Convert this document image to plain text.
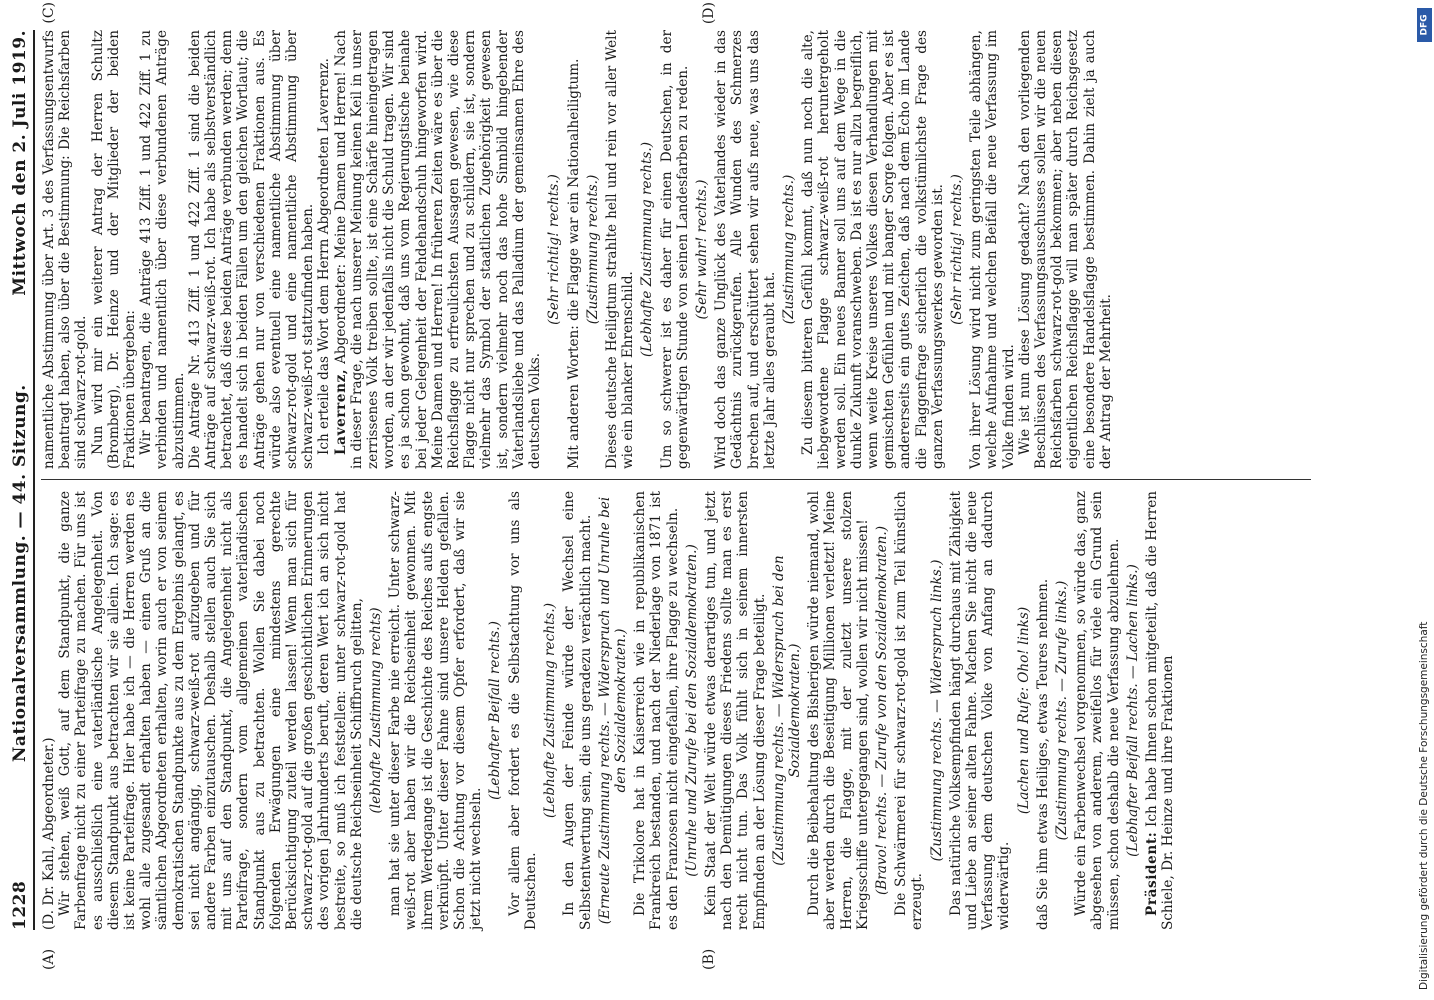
1228
Nationalversammlung. — 44. Sitzung.
Mittwoch den 2. Juli 1919.
(A)	(B)
(C)	(D)

(D. Dr. Kahl, Abgeordneter.) Wir stehen, weiß Gott, auf dem Standpunkt, die ganze Farbenfrage nicht zu einer Parteifrage zu machen. Für uns ist es ausschließlich eine vaterländische Angelegenheit. Von diesem Standpunkt aus betrachten wir sie allein. Ich sage: es ist keine Parteifrage. Hier habe ich — die Herren werden es wohl alle zugesandt erhalten haben — einen Gruß an die sämtlichen Abgeordneten erhalten, worin auch er von seinem demokratischen Standpunkte aus zu dem Ergebnis gelangt, es sei nicht angängig, schwarz-weiß-rot aufzugeben und für andere Farben einzutauschen. Deshalb stellen auch Sie sich mit uns auf den Standpunkt, die Angelegenheit nicht als Parteifrage, sondern vom allgemeinen vaterländischen Standpunkt aus zu betrachten. Wollen Sie dabei noch folgenden Erwägungen eine mindestens gerechte Berücksichtigung zuteil werden lassen! Wenn man sich für schwarz-rot-gold auf die großen geschichtlichen Erinnerungen des vorigen Jahrhunderts beruft, deren Wert ich an sich nicht bestreite, so muß ich feststellen: unter schwarz-rot-gold hat die deutsche Reichseinheit Schiffbruch gelitten, (lebhafte Zustimmung rechts) man hat sie unter dieser Farbe nie erreicht. Unter schwarz-weiß-rot aber haben wir die Reichseinheit gewonnen. Mit ihrem Werdegange ist die Geschichte des Reiches aufs engste verknüpft. Unter dieser Fahne sind unsere Helden gefallen. Schon die Achtung vor diesem Opfer erfordert, daß wir sie jetzt nicht wechseln.

(Lebhafter Beifall rechts.) Vor allem aber fordert es die Selbstachtung vor uns als Deutschen.

(Lebhafte Zustimmung rechts.) In den Augen der Feinde würde der Wechsel eine Selbstentwertung sein, die uns geradezu verächtlich macht. (Erneute Zustimmung rechts. — Widerspruch und Unruhe bei den Sozialdemokraten.) Die Trikolore hat in Kaiserreich wie in republikanischen Frankreich bestanden, und nach der Niederlage von 1871 ist es den Franzosen nicht eingefallen, ihre Flagge zu wechseln. (Unruhe und Zurufe bei den Sozialdemokraten.) Kein Staat der Welt würde etwas derartiges tun, und jetzt nach den Demütigungen dieses Friedens sollte man es erst recht nicht tun. Das Volk fühlt sich in seinem innersten Empfinden an der Lösung dieser Frage beteiligt. (Zustimmung rechts. — Widerspruch bei den Sozialdemokraten.) Durch die Beibehaltung des Bisherigen würde niemand, wohl aber werden durch die Beseitigung Millionen verletzt! Meine Herren, die Flagge, mit der zuletzt unsere stolzen Kriegsschiffe untergegangen sind, wollen wir nicht missen! (Bravo! rechts. — Zurufe von den Sozialdemokraten.) Die Schwärmerei für schwarz-rot-gold ist zum Teil künstlich erzeugt.

(Zustimmung rechts. — Widerspruch links.) Das natürliche Volksempfinden hängt durchaus mit Zähigkeit und Liebe an seiner alten Fahne. Machen Sie nicht die neue Verfassung dem deutschen Volke von Anfang an dadurch widerwärtig.

(Lachen und Rufe: Oho! links) daß Sie ihm etwas Heiliges, etwas Teures nehmen. (Zustimmung rechts. — Zurufe links.) Würde ein Farbenwechsel vorgenommen, so würde das, ganz abgesehen von anderem, zweifellos für viele ein Grund sein müssen, schon deshalb die neue Verfassung abzulehnen. (Lebhafter Beifall rechts. — Lachen links.)

Präsident: Ich habe Ihnen schon mitgeteilt, daß die Herren Schiele, Dr. Heinze und ihre Fraktionen

namentliche Abstimmung über Art. 3 des Verfassungsentwurfs beantragt haben, also über die Bestimmung: Die Reichsfarben sind schwarz-rot-gold. Nun wird mir ein weiterer Antrag der Herren Schultz (Bromberg), Dr. Heinze und der Mitglieder der beiden Fraktionen übergeben: Wir beantragen, die Anträge 413 Ziff. 1 und 422 Ziff. 1 zu verbinden und namentlich über diese verbundenen Anträge abzustimmen. Die Anträge Nr. 413 Ziff. 1 und 422 Ziff. 1 sind die beiden Anträge auf schwarz-weiß-rot. Ich habe als selbstverständlich betrachtet, daß diese beiden Anträge verbunden werden; denn es handelt sich in beiden Fällen um den gleichen Wortlaut; die Anträge gehen nur von verschiedenen Fraktionen aus. Es würde also eventuell eine namentliche Abstimmung über schwarz-rot-gold und eine namentliche Abstimmung über schwarz-weiß-rot stattzufinden haben. Ich erteile das Wort dem Herrn Abgeordneten Laverrenz. Laverrenz, Abgeordneter: Meine Damen und Herren! Nach in dieser Frage, die nach unserer Meinung keinen Keil in unser zerrissenes Volk treiben sollte, ist eine Schärfe hineingetragen worden, an der wir jedenfalls nicht die Schuld tragen. Wir sind es ja schon gewohnt, daß uns vom Regierungstische beinahe bei jeder Gelegenheit der Fehdehandschuh hingeworfen wird. Meine Damen und Herren! In früheren Zeiten wäre es über die Reichsflagge zu erfreulichsten Aussagen gewesen, wie diese Flagge nicht nur sprechen und zu schildern, sie ist, sondern vielmehr das Symbol der staatlichen Zugehörigkeit gewesen ist, sondern vielmehr noch das hohe Sinnbild hingebender Vaterlandsliebe und das Palladium der gemeinsamen Ehre des deutschen Volks.

(Sehr richtig! rechts.) Mit anderen Worten: die Flagge war ein Nationalheiligtum. (Zustimmung rechts.) Dieses deutsche Heiligtum strahlte hell und rein vor aller Welt wie ein blanker Ehrenschild.

(Lebhafte Zustimmung rechts.) Um so schwerer ist es daher für einen Deutschen, in der gegenwärtigen Stunde von seinen Landesfarben zu reden. (Sehr wahr! rechts.) Wird doch das ganze Unglück des Vaterlandes wieder in das Gedächtnis zurückgerufen. Alle Wunden des Schmerzes brechen auf, und erschüttert sehen wir aufs neue, was uns das letzte Jahr alles geraubt hat.

(Zustimmung rechts.) Zu diesem bitteren Gefühl kommt, daß nun noch die alte, liebgewordene Flagge schwarz-weiß-rot heruntergeholt werden soll. Ein neues Banner soll uns auf dem Wege in die dunkle Zukunft voranschweben. Da ist es nur allzu begreiflich, wenn weite Kreise unseres Volkes diesen Verhandlungen mit gemischten Gefühlen und mit banger Sorge folgen. Aber es ist andererseits ein gutes Zeichen, daß nach dem Echo im Lande die Flaggenfrage sicherlich die volkstümlichste Frage des ganzen Verfassungswerkes geworden ist. (Sehr richtig! rechts.) Von ihrer Lösung wird nicht zum geringsten Teile abhängen, welche Aufnahme und welchen Beifall die neue Verfassung im Volke finden wird. Wie ist nun diese Lösung gedacht? Nach den vorliegenden Beschlüssen des Verfassungsausschusses sollen wir die neuen Reichsfarben schwarz-rot-gold bekommen; aber neben diesen eigentlichen Reichsflagge will man später durch Reichsgesetz eine besondere Handelsflagge bestimmen. Dahin zielt ja auch der Antrag der Mehrheit.

Digitalisierung gefördert durch die Deutsche Forschungsgemeinschaft
DFG
